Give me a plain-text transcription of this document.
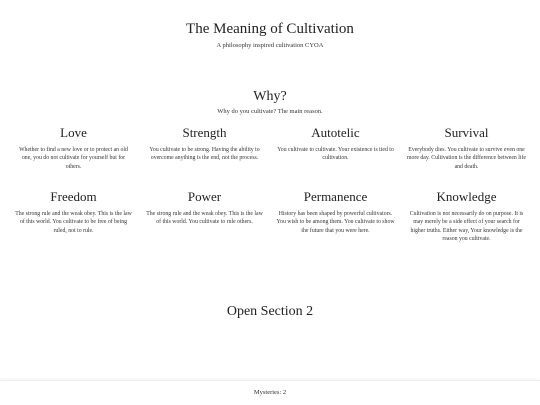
The Meaning of Cultivation
A philosophy inspired cultivation CYOA
Why?
Why do you cultivate? The main reason.
Love
Whether to find a new love or to protect an old one, you do not cultivate for yourself but for others.
Strength
You cultivate to be strong. Having the ability to overcome anything is the end, not the process.
Autotelic
You cultivate to cultivate. Your existence is tied to cultivation.
Survival
Everybody dies. You cultivate to survive even one more day. Cultivation is the difference between life and death.
Freedom
The strong rule and the weak obey. This is the law of this world. You cultivate to be free of being ruled, not to rule.
Power
The strong rule and the weak obey. This is the law of this world. You cultivate to rule others.
Permanence
History has been shaped by powerful cultivators. You wish to be among them. You cultivate to show the future that you were here.
Knowledge
Cultivation is not necessarily do on purpose. It is may merely be a side effect of your search for higher truths. Either way, Your knowledge is the reason you cultivate.
Open Section 2
Mysteries: 2
